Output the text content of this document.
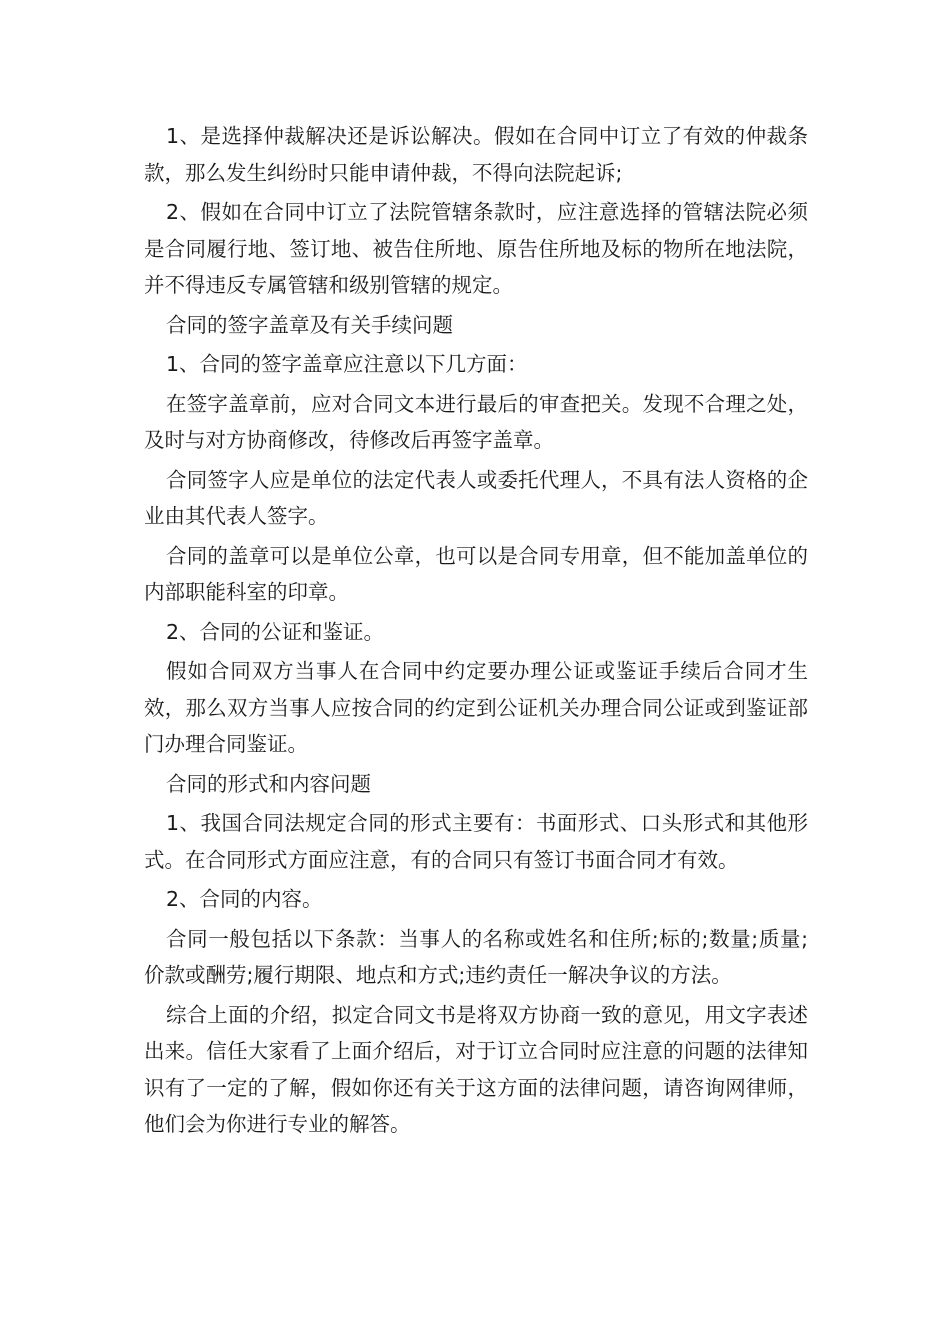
1、是选择仲裁解决还是诉讼解决。假如在合同中订立了有效的仲裁条款，那么发生纠纷时只能申请仲裁，不得向法院起诉;

2、假如在合同中订立了法院管辖条款时，应注意选择的管辖法院必须是合同履行地、签订地、被告住所地、原告住所地及标的物所在地法院，并不得违反专属管辖和级别管辖的规定。

合同的签字盖章及有关手续问题

1、合同的签字盖章应注意以下几方面：

在签字盖章前，应对合同文本进行最后的审查把关。发现不合理之处，及时与对方协商修改，待修改后再签字盖章。

合同签字人应是单位的法定代表人或委托代理人，不具有法人资格的企业由其代表人签字。

合同的盖章可以是单位公章，也可以是合同专用章，但不能加盖单位的内部职能科室的印章。

2、合同的公证和鉴证。

假如合同双方当事人在合同中约定要办理公证或鉴证手续后合同才生效，那么双方当事人应按合同的约定到公证机关办理合同公证或到鉴证部门办理合同鉴证。

合同的形式和内容问题

1、我国合同法规定合同的形式主要有：书面形式、口头形式和其他形式。在合同形式方面应注意，有的合同只有签订书面合同才有效。

2、合同的内容。

合同一般包括以下条款：当事人的名称或姓名和住所;标的;数量;质量;价款或酬劳;履行期限、地点和方式;违约责任一解决争议的方法。

综合上面的介绍，拟定合同文书是将双方协商一致的意见，用文字表述出来。信任大家看了上面介绍后，对于订立合同时应注意的问题的法律知识有了一定的了解，假如你还有关于这方面的法律问题，请咨询网律师，他们会为你进行专业的解答。
